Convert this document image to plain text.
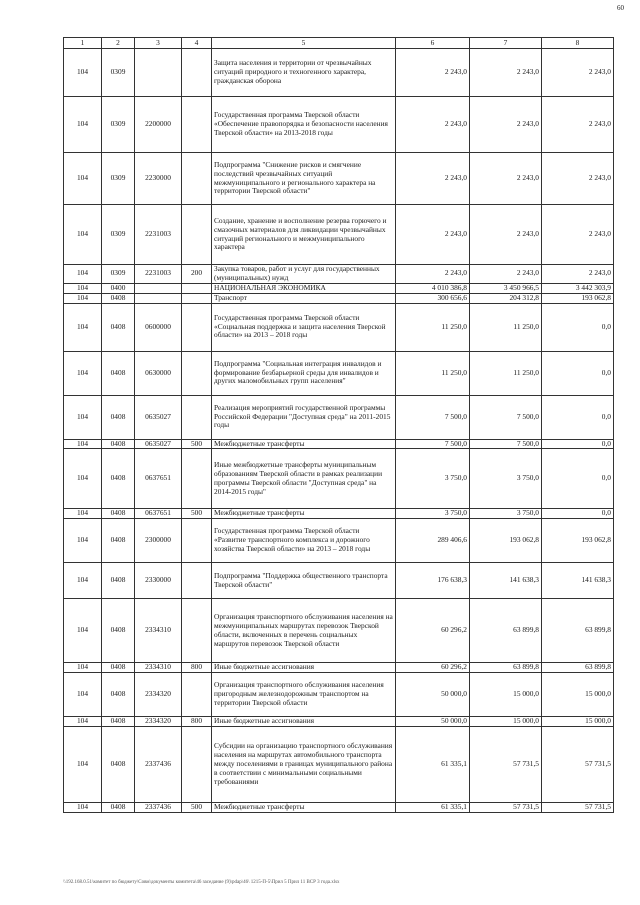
60
1	2	3	4	5	6	7	8
104	0309			Защита населения и территории от чрезвычайных ситуаций природного и техногенного характера, гражданская оборона	2 243,0	2 243,0	2 243,0
104	0309	2200000		Государственная программа Тверской области «Обеспечение правопорядка и безопасности населения Тверской области» на 2013-2018 годы	2 243,0	2 243,0	2 243,0
104	0309	2230000		Подпрограмма "Снижение рисков и смягчение последствий чрезвычайных ситуаций межмуниципального и регионального характера на территории Тверской области"	2 243,0	2 243,0	2 243,0
104	0309	2231003		Создание, хранение и восполнение резерва горючего и смазочных материалов для ликвидации чрезвычайных ситуаций регионального и межмуниципального характера	2 243,0	2 243,0	2 243,0
104	0309	2231003	200	Закупка товаров, работ и услуг для государственных (муниципальных) нужд	2 243,0	2 243,0	2 243,0
104	0400			НАЦИОНАЛЬНАЯ ЭКОНОМИКА	4 010 386,8	3 450 966,5	3 442 303,9
104	0408			Транспорт	300 656,6	204 312,8	193 062,8
104	0408	0600000		Государственная программа Тверской области «Социальная поддержка и защита населения Тверской области» на 2013 – 2018 годы	11 250,0	11 250,0	0,0
104	0408	0630000		Подпрограмма "Социальная интеграция инвалидов и формирование безбарьерной среды для инвалидов и других маломобильных групп населения"	11 250,0	11 250,0	0,0
104	0408	0635027		Реализация мероприятий государственной программы Российской Федерации "Доступная среда" на 2011-2015 годы	7 500,0	7 500,0	0,0
104	0408	0635027	500	Межбюджетные трансферты	7 500,0	7 500,0	0,0
104	0408	0637651		Иные межбюджетные трансферты муниципальным образованиям Тверской области в рамках реализации программы Тверской области "Доступная среда" на 2014-2015 годы"	3 750,0	3 750,0	0,0
104	0408	0637651	500	Межбюджетные трансферты	3 750,0	3 750,0	0,0
104	0408	2300000		Государственная программа Тверской области «Развитие транспортного комплекса и дорожного хозяйства Тверской области» на 2013 – 2018 годы	289 406,6	193 062,8	193 062,8
104	0408	2330000		Подпрограмма "Поддержка общественного транспорта Тверской области"	176 638,3	141 638,3	141 638,3
104	0408	2334310		Организация транспортного обслуживания населения на межмуниципальных маршрутах перевозок Тверской области, включенных в перечень социальных маршрутов перевозок Тверской области	60 296,2	63 899,8	63 899,8
104	0408	2334310	800	Иные бюджетные ассигнования	60 296,2	63 899,8	63 899,8
104	0408	2334320		Организация транспортного обслуживания населения пригородным железнодорожным транспортом на территории Тверской области	50 000,0	15 000,0	15 000,0
104	0408	2334320	800	Иные бюджетные ассигнования	50 000,0	15 000,0	15 000,0
104	0408	2337436		Субсидии на организацию транспортного обслуживания населения на маршрутах автомобильного транспорта между поселениями в границах муниципального района в соответствии с минимальными социальными требованиями	61 335,1	57 731,5	57 731,5
104	0408	2337436	500	Межбюджетные трансферты	61 335,1	57 731,5	57 731,5
\\192.168.0.51\комитет по бюджету\Совм\документы комитета\46 заседание (9)\pdap\46\ 1215-П-5\Прил 5 Прил 11 ВСР 3 года.xlsx
